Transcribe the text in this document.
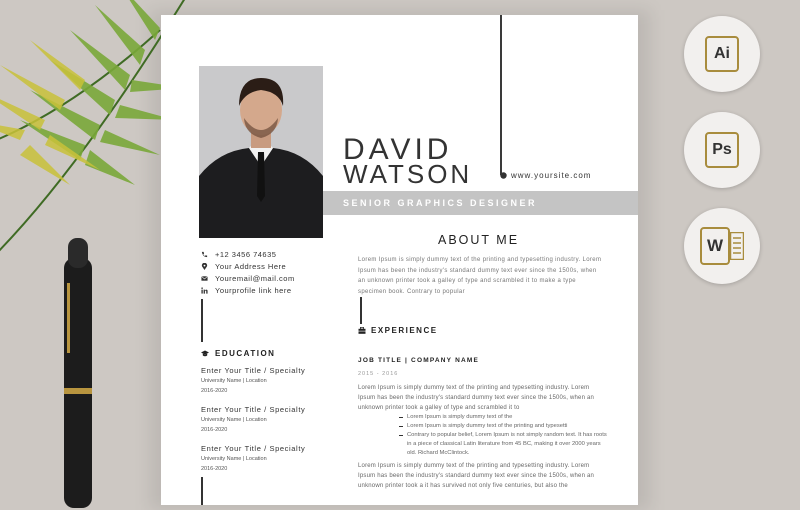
DAVID
WATSON	www.yoursite.com
SENIOR GRAPHICS DESIGNER
+12 3456 74635
Your Address Here
Youremail@mail.com
Yourprofile link here
EDUCATION
Enter Your Title / Specialty
University Name | Location
2016-2020
Enter Your Title / Specialty
University Name | Location
2016-2020
Enter Your Title / Specialty
University Name | Location
2016-2020
ABOUT ME
Lorem Ipsum is simply dummy text of the printing and typesetting industry. Lorem Ipsum has been the industry's standard dummy text ever since the 1500s, when an unknown printer took a galley of type and scrambled it to make a type specimen book. Contrary to popular
EXPERIENCE
JOB TITLE | COMPANY NAME
2015 - 2016
Lorem Ipsum is simply dummy text of the printing and typesetting industry. Lorem Ipsum has been the industry's standard dummy text ever since the 1500s, when an unknown printer took a galley of type and scrambled it to
Lorem Ipsum is simply dummy text of the
Lorem Ipsum is simply dummy text of the printing and typesetti
Contrary to popular belief, Lorem Ipsum is not simply random text. It has roots in a piece of classical Latin literature from 45 BC, making it over 2000 years old. Richard McClintock.
Lorem Ipsum is simply dummy text of the printing and typesetting industry. Lorem Ipsum has been the industry's standard dummy text ever since the 1500s, when an unknown printer took a it has survived not only five centuries, but also the
Ai
Ps
W
